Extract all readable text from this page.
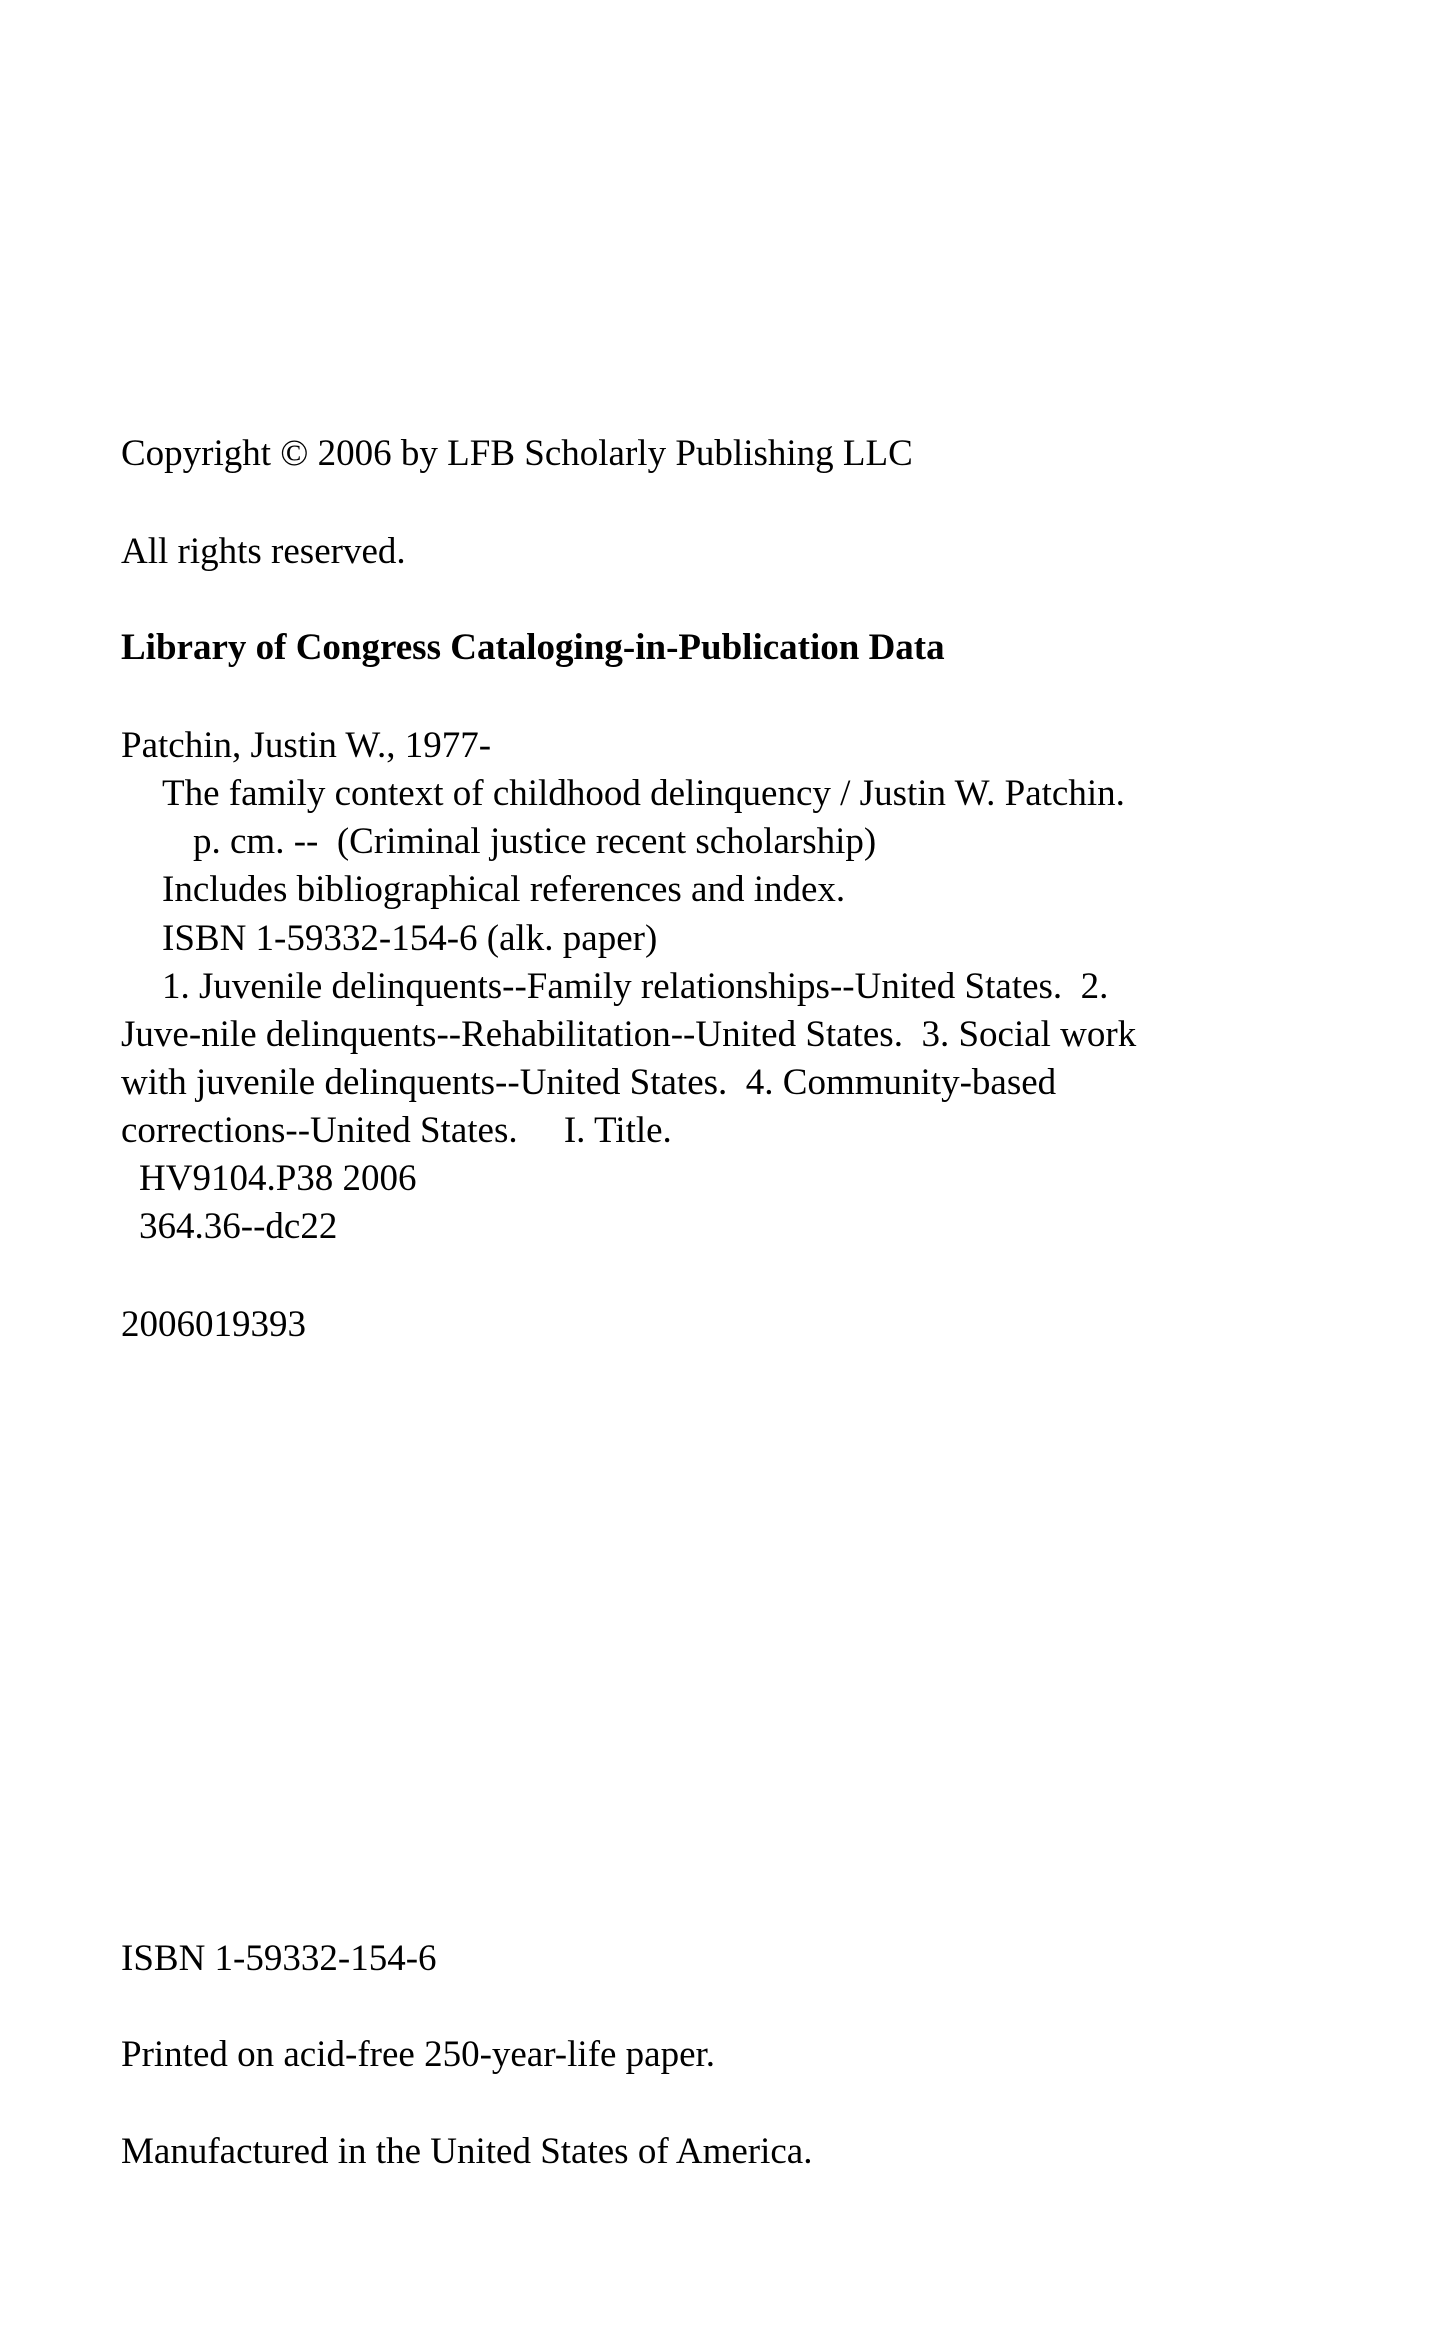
Copyright © 2006 by LFB Scholarly Publishing LLC

All rights reserved.

Library of Congress Cataloging-in-Publication Data

Patchin, Justin W., 1977-

The family context of childhood delinquency / Justin W. Patchin.

p. cm. --  (Criminal justice recent scholarship)

Includes bibliographical references and index.

ISBN 1-59332-154-6 (alk. paper)

1. Juvenile delinquents--Family relationships--United States.  2.

Juve-nile delinquents--Rehabilitation--United States.  3. Social work

with juvenile delinquents--United States.  4. Community-based

corrections--United States.     I. Title.

HV9104.P38 2006

364.36--dc22

2006019393

ISBN 1-59332-154-6

Printed on acid-free 250-year-life paper.

Manufactured in the United States of America.
